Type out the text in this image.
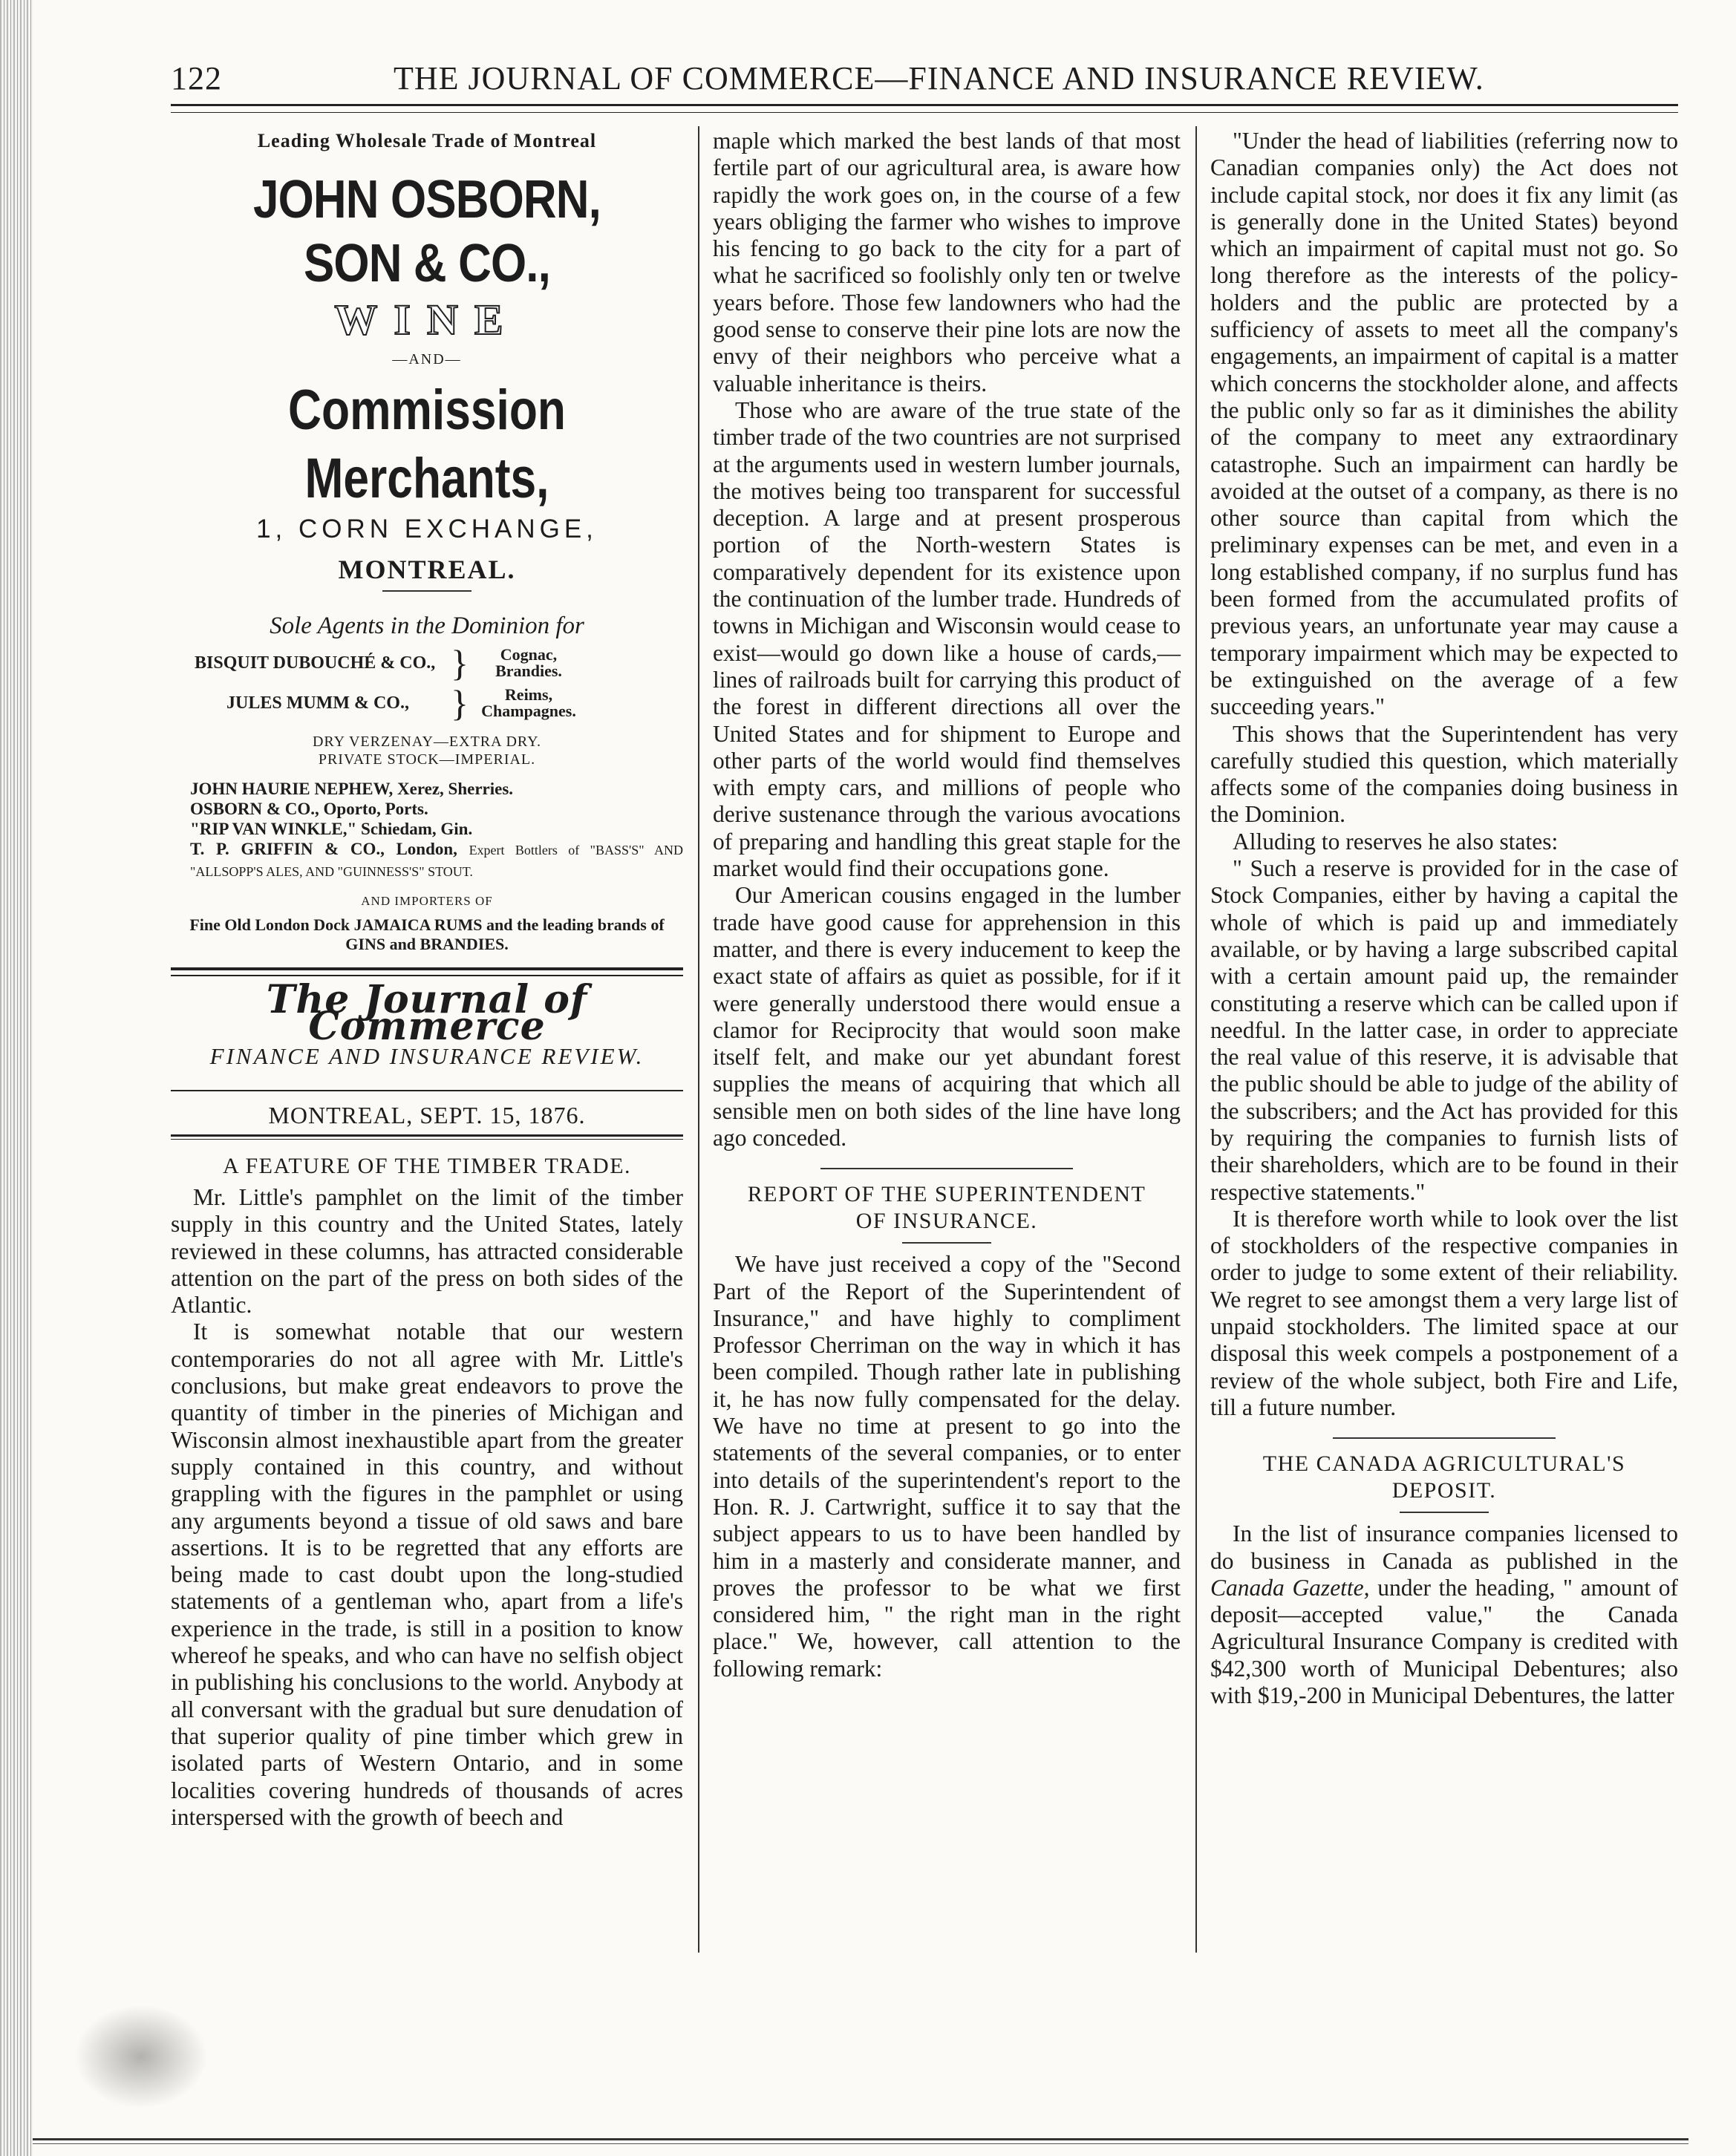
122	THE JOURNAL OF COMMERCE—FINANCE AND INSURANCE REVIEW.
Leading Wholesale Trade of Montreal
JOHN OSBORN, SON & CO.,
WINE
—AND—
Commission Merchants,
1, CORN EXCHANGE,
MONTREAL.
Sole Agents in the Dominion for
BISQUIT DUBOUCHÉ & CO., }	Cognac, Brandies.
JULES MUMM & CO.,	}	Reims, Champagnes.
DRY VERZENAY—EXTRA DRY.
PRIVATE STOCK—IMPERIAL.
JOHN HAURIE NEPHEW, Xerez, Sherries.
OSBORN & CO., Oporto, Ports.
"RIP VAN WINKLE," Schiedam, Gin.
T. P. GRIFFIN & CO., London, Expert Bottlers of "BASS'S" AND "ALLSOPP'S ALES, AND "GUINNESS'S" STOUT.
AND IMPORTERS OF
Fine Old London Dock JAMAICA RUMS and the leading brands of GINS and BRANDIES.
The Journal of Commerce
FINANCE AND INSURANCE REVIEW.
MONTREAL, SEPT. 15, 1876.
A FEATURE OF THE TIMBER TRADE.

Mr. Little's pamphlet on the limit of the timber supply in this country and the United States, lately reviewed in these columns, has attracted considerable attention on the part of the press on both sides of the Atlantic.

It is somewhat notable that our western contemporaries do not all agree with Mr. Little's conclusions, but make great endeavors to prove the quantity of timber in the pineries of Michigan and Wisconsin almost inexhaustible apart from the greater supply contained in this country, and without grappling with the figures in the pamphlet or using any arguments beyond a tissue of old saws and bare assertions. It is to be regretted that any efforts are being made to cast doubt upon the long-studied statements of a gentleman who, apart from a life's experience in the trade, is still in a position to know whereof he speaks, and who can have no selfish object in publishing his conclusions to the world. Anybody at all conversant with the gradual but sure denudation of that superior quality of pine timber which grew in isolated parts of Western Ontario, and in some localities covering hundreds of thousands of acres interspersed with the growth of beech and

maple which marked the best lands of that most fertile part of our agricultural area, is aware how rapidly the work goes on, in the course of a few years obliging the farmer who wishes to improve his fencing to go back to the city for a part of what he sacrificed so foolishly only ten or twelve years before. Those few landowners who had the good sense to conserve their pine lots are now the envy of their neighbors who perceive what a valuable inheritance is theirs.

Those who are aware of the true state of the timber trade of the two countries are not surprised at the arguments used in western lumber journals, the motives being too transparent for successful deception. A large and at present prosperous portion of the North-western States is comparatively dependent for its existence upon the continuation of the lumber trade. Hundreds of towns in Michigan and Wisconsin would cease to exist—would go down like a house of cards,—lines of railroads built for carrying this product of the forest in different directions all over the United States and for shipment to Europe and other parts of the world would find themselves with empty cars, and millions of people who derive sustenance through the various avocations of preparing and handling this great staple for the market would find their occupations gone.

Our American cousins engaged in the lumber trade have good cause for apprehension in this matter, and there is every inducement to keep the exact state of affairs as quiet as possible, for if it were generally understood there would ensue a clamor for Reciprocity that would soon make itself felt, and make our yet abundant forest supplies the means of acquiring that which all sensible men on both sides of the line have long ago conceded.

REPORT OF THE SUPERINTENDENT
OF INSURANCE.

We have just received a copy of the "Second Part of the Report of the Superintendent of Insurance," and have highly to compliment Professor Cherriman on the way in which it has been compiled. Though rather late in publishing it, he has now fully compensated for the delay. We have no time at present to go into the statements of the several companies, or to enter into details of the superintendent's report to the Hon. R. J. Cartwright, suffice it to say that the subject appears to us to have been handled by him in a masterly and considerate manner, and proves the professor to be what we first considered him, " the right man in the right place." We, however, call attention to the following remark:

"Under the head of liabilities (referring now to Canadian companies only) the Act does not include capital stock, nor does it fix any limit (as is generally done in the United States) beyond which an impairment of capital must not go. So long therefore as the interests of the policy-holders and the public are protected by a sufficiency of assets to meet all the company's engagements, an impairment of capital is a matter which concerns the stockholder alone, and affects the public only so far as it diminishes the ability of the company to meet any extraordinary catastrophe. Such an impairment can hardly be avoided at the outset of a company, as there is no other source than capital from which the preliminary expenses can be met, and even in a long established company, if no surplus fund has been formed from the accumulated profits of previous years, an unfortunate year may cause a temporary impairment which may be expected to be extinguished on the average of a few succeeding years."

This shows that the Superintendent has very carefully studied this question, which materially affects some of the companies doing business in the Dominion.

Alluding to reserves he also states:

" Such a reserve is provided for in the case of Stock Companies, either by having a capital the whole of which is paid up and immediately available, or by having a large subscribed capital with a certain amount paid up, the remainder constituting a reserve which can be called upon if needful. In the latter case, in order to appreciate the real value of this reserve, it is advisable that the public should be able to judge of the ability of the subscribers; and the Act has provided for this by requiring the companies to furnish lists of their shareholders, which are to be found in their respective statements."

It is therefore worth while to look over the list of stockholders of the respective companies in order to judge to some extent of their reliability. We regret to see amongst them a very large list of unpaid stockholders. The limited space at our disposal this week compels a postponement of a review of the whole subject, both Fire and Life, till a future number.

THE CANADA AGRICULTURAL'S
DEPOSIT.

In the list of insurance companies licensed to do business in Canada as published in the Canada Gazette, under the heading, " amount of deposit—accepted value," the Canada Agricultural Insurance Company is credited with $42,300 worth of Municipal Debentures; also with $19,-200 in Municipal Debentures, the latter
